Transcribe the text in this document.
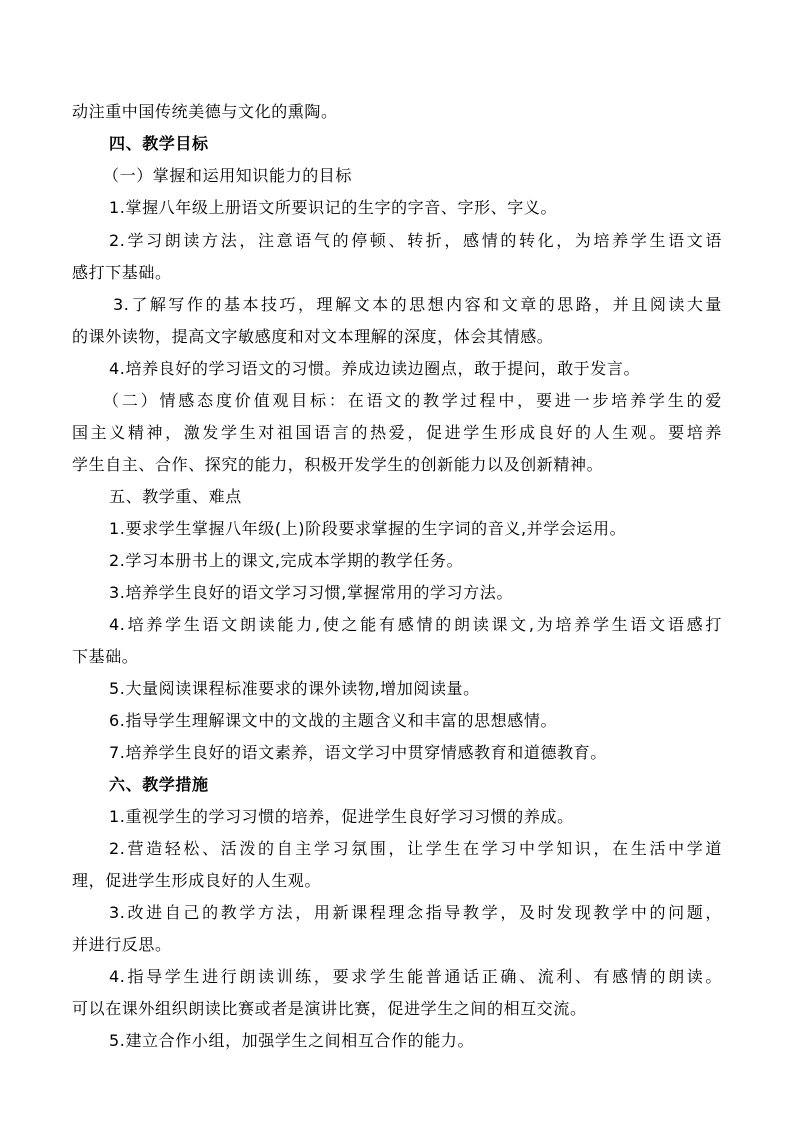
动注重中国传统美德与文化的熏陶。
四、教学目标
（一）掌握和运用知识能力的目标
1.掌握八年级上册语文所要识记的生字的字音、字形、字义。
2.学习朗读方法，注意语气的停顿、转折，感情的转化，为培养学生语文语
感打下基础。
3.了解写作的基本技巧，理解文本的思想内容和文章的思路，并且阅读大量
的课外读物，提高文字敏感度和对文本理解的深度，体会其情感。
4.培养良好的学习语文的习惯。养成边读边圈点，敢于提问，敢于发言。
（二）情感态度价值观目标：在语文的教学过程中，要进一步培养学生的爱
国主义精神，激发学生对祖国语言的热爱，促进学生形成良好的人生观。要培养
学生自主、合作、探究的能力，积极开发学生的创新能力以及创新精神。
五、教学重、难点
1.要求学生掌握八年级(上)阶段要求掌握的生字词的音义,并学会运用。
2.学习本册书上的课文,完成本学期的教学任务。
3.培养学生良好的语文学习习惯,掌握常用的学习方法。
4.培养学生语文朗读能力,使之能有感情的朗读课文,为培养学生语文语感打
下基础。
5.大量阅读课程标准要求的课外读物,增加阅读量。
6.指导学生理解课文中的文战的主题含义和丰富的思想感情。
7.培养学生良好的语文素养，语文学习中贯穿情感教育和道德教育。
六、教学措施
1.重视学生的学习习惯的培养，促进学生良好学习习惯的养成。
2.营造轻松、活泼的自主学习氛围，让学生在学习中学知识，在生活中学道
理，促进学生形成良好的人生观。
3.改进自己的教学方法，用新课程理念指导教学，及时发现教学中的问题，
并进行反思。
4.指导学生进行朗读训练，要求学生能普通话正确、流利、有感情的朗读。
可以在课外组织朗读比赛或者是演讲比赛，促进学生之间的相互交流。
5.建立合作小组，加强学生之间相互合作的能力。
